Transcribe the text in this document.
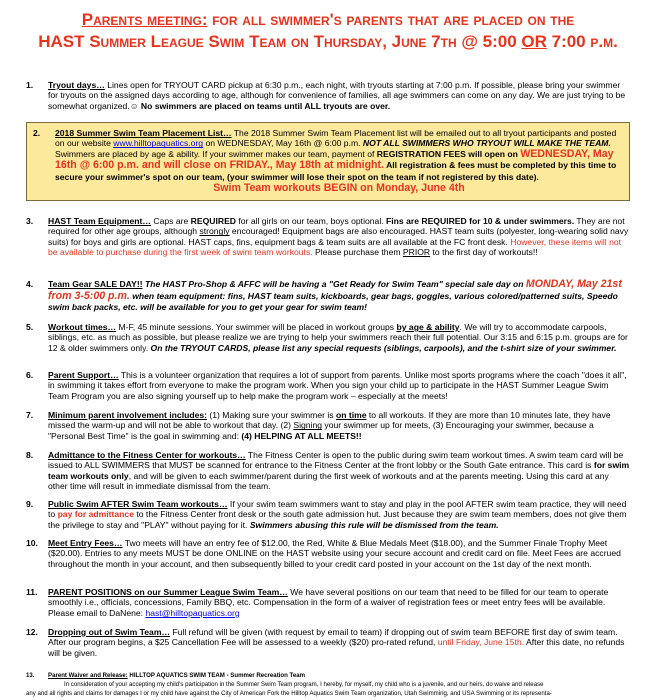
Parents meeting: for all swimmer's parents that are placed on the
HAST Summer League Swim Team on Thursday, June 7th @ 5:00 OR 7:00 p.m.
1. Tryout days… Lines open for TRYOUT CARD pickup at 6:30 p.m., each night, with tryouts starting at 7:00 p.m. If possible, please bring your swimmer for tryouts on the assigned days according to age, although for convenience of families, all age swimmers can come on any day. We are just trying to be somewhat organized.☺ No swimmers are placed on teams until ALL tryouts are over.
2. 2018 Summer Swim Team Placement List… The 2018 Summer Swim Team Placement list will be emailed out to all tryout participants and posted on our website www.hilltopaquatics.org on WEDNESDAY, May 16th @ 6:00 p.m. NOT ALL SWIMMERS WHO TRYOUT WILL MAKE THE TEAM. Swimmers are placed by age & ability. If your swimmer makes our team, payment of REGISTRATION FEES will open on WEDNESDAY, May 16th @ 6:00 p.m. and will close on FRIDAY., May 18th at midnight. All registration & fees must be completed by this time to secure your swimmer's spot on our team, (your swimmer will lose their spot on the team if not registered by this date).
Swim Team workouts BEGIN on Monday, June 4th
3. HAST Team Equipment… Caps are REQUIRED for all girls on our team, boys optional. Fins are REQUIRED for 10 & under swimmers. They are not required for other age groups, although strongly encouraged! Equipment bags are also encouraged. HAST team suits (polyester, long-wearing solid navy suits) for boys and girls are optional. HAST caps, fins, equipment bags & team suits are all available at the FC front desk. However, these items will not be available to purchase during the first week of swim team workouts. Please purchase them PRIOR to the first day of workouts!!
4. Team Gear SALE DAY!! The HAST Pro-Shop & AFFC will be having a "Get Ready for Swim Team" special sale day on MONDAY, May 21st from 3-5:00 p.m. when team equipment: fins, HAST team suits, kickboards, gear bags, goggles, various colored/patterned suits, Speedo swim back packs, etc. will be available for you to get your gear for swim team!
5. Workout times… M-F, 45 minute sessions. Your swimmer will be placed in workout groups by age & ability. We will try to accommodate carpools, siblings, etc. as much as possible, but please realize we are trying to help your swimmers reach their full potential. Our 3:15 and 6:15 p.m. groups are for 12 & older swimmers only. On the TRYOUT CARDS, please list any special requests (siblings, carpools), and the t-shirt size of your swimmer.
6. Parent Support… This is a volunteer organization that requires a lot of support from parents. Unlike most sports programs where the coach "does it all", in swimming it takes effort from everyone to make the program work. When you sign your child up to participate in the HAST Summer League Swim Team Program you are also signing yourself up to help make the program work – especially at the meets!
7. Minimum parent involvement includes: (1) Making sure your swimmer is on time to all workouts. If they are more than 10 minutes late, they have missed the warm-up and will not be able to workout that day. (2) Signing your swimmer up for meets, (3) Encouraging your swimmer, because a "Personal Best Time" is the goal in swimming and: (4) HELPING AT ALL MEETS!!
8. Admittance to the Fitness Center for workouts… The Fitness Center is open to the public during swim team workout times. A swim team card will be issued to ALL SWIMMERS that MUST be scanned for entrance to the Fitness Center at the front lobby or the South Gate entrance. This card is for swim team workouts only, and will be given to each swimmer/parent during the first week of workouts and at the parents meeting. Using this card at any other time will result in immediate dismissal from the team.
9. Public Swim AFTER Swim Team workouts… If your swim team swimmers want to stay and play in the pool AFTER swim team practice, they will need to pay for admittance to the Fitness Center front desk or the south gate admission hut. Just because they are swim team members, does not give them the privilege to stay and "PLAY" without paying for it. Swimmers abusing this rule will be dismissed from the team.
10. Meet Entry Fees… Two meets will have an entry fee of $12.00, the Red, White & Blue Medals Meet ($18.00), and the Summer Finale Trophy Meet ($20.00). Entries to any meets MUST be done ONLINE on the HAST website using your secure account and credit card on file. Meet Fees are accrued throughout the month in your account, and then subsequently billed to your credit card posted in your account on the 1st day of the next month.
11. PARENT POSITIONS on our Summer League Swim Team… We have several positions on our team that need to be filled for our team to operate smoothly i.e., officials, concessions, Family BBQ, etc. Compensation in the form of a waiver of registration fees or meet entry fees will be available. Please email to DaNene: hast@hilltopaquatics.org
12. Dropping out of Swim Team… Full refund will be given (with request by email to team) if dropping out of swim team BEFORE first day of swim team. After our program begins, a $25 Cancellation Fee will be assessed to a weekly ($20) pro-rated refund, until Friday, June 15th. After this date, no refunds will be given.
13. Parent Waiver and Release: HILLTOP AQUATICS SWIM TEAM - Summer Recreation Team
In consideration of your accepting my child's participation in the Summer Swim Team program, I hereby, for myself, my child who is a juvenile, and our heirs, do waive and release
any and all rights and claims for damages I or my child have against the City of American Fork the Hilltop Aquatics Swim Team organization, Utah Swimming, and USA Swimming or its representa-
